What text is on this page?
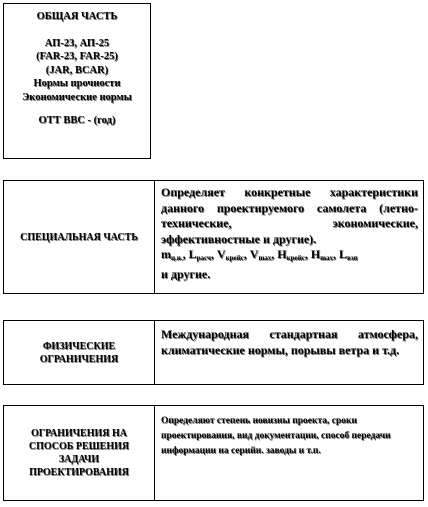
ОБЩАЯ ЧАСТЬ
АП-23, АП-25
(FAR-23, FAR-25)
(JAR, BCAR)
Нормы прочности
Экономические нормы
ОТТ ВВС - (год)
СПЕЦИАЛЬНАЯ ЧАСТЬ
Определяет конкретные характеристики данного проектируемого самолета (летно-технические, экономические, эффективностные и другие).
$m_{ц.н.}$, $L_{расч}$, $V_{крейс}$, $V_{max}$, $H_{крейс}$, $H_{max}$, $L_{взп}$
и другие.
ФИЗИЧЕСКИЕ ОГРАНИЧЕНИЯ
Международная стандартная атмосфера, климатические нормы, порывы ветра и т.д.
ОГРАНИЧЕНИЯ НА СПОСОБ РЕШЕНИЯ ЗАДАЧИ ПРОЕКТИРОВАНИЯ
Определяют степень новизны проекта, сроки проектирования, вид документации, способ передачи информации на серийн. заводы и т.п.
